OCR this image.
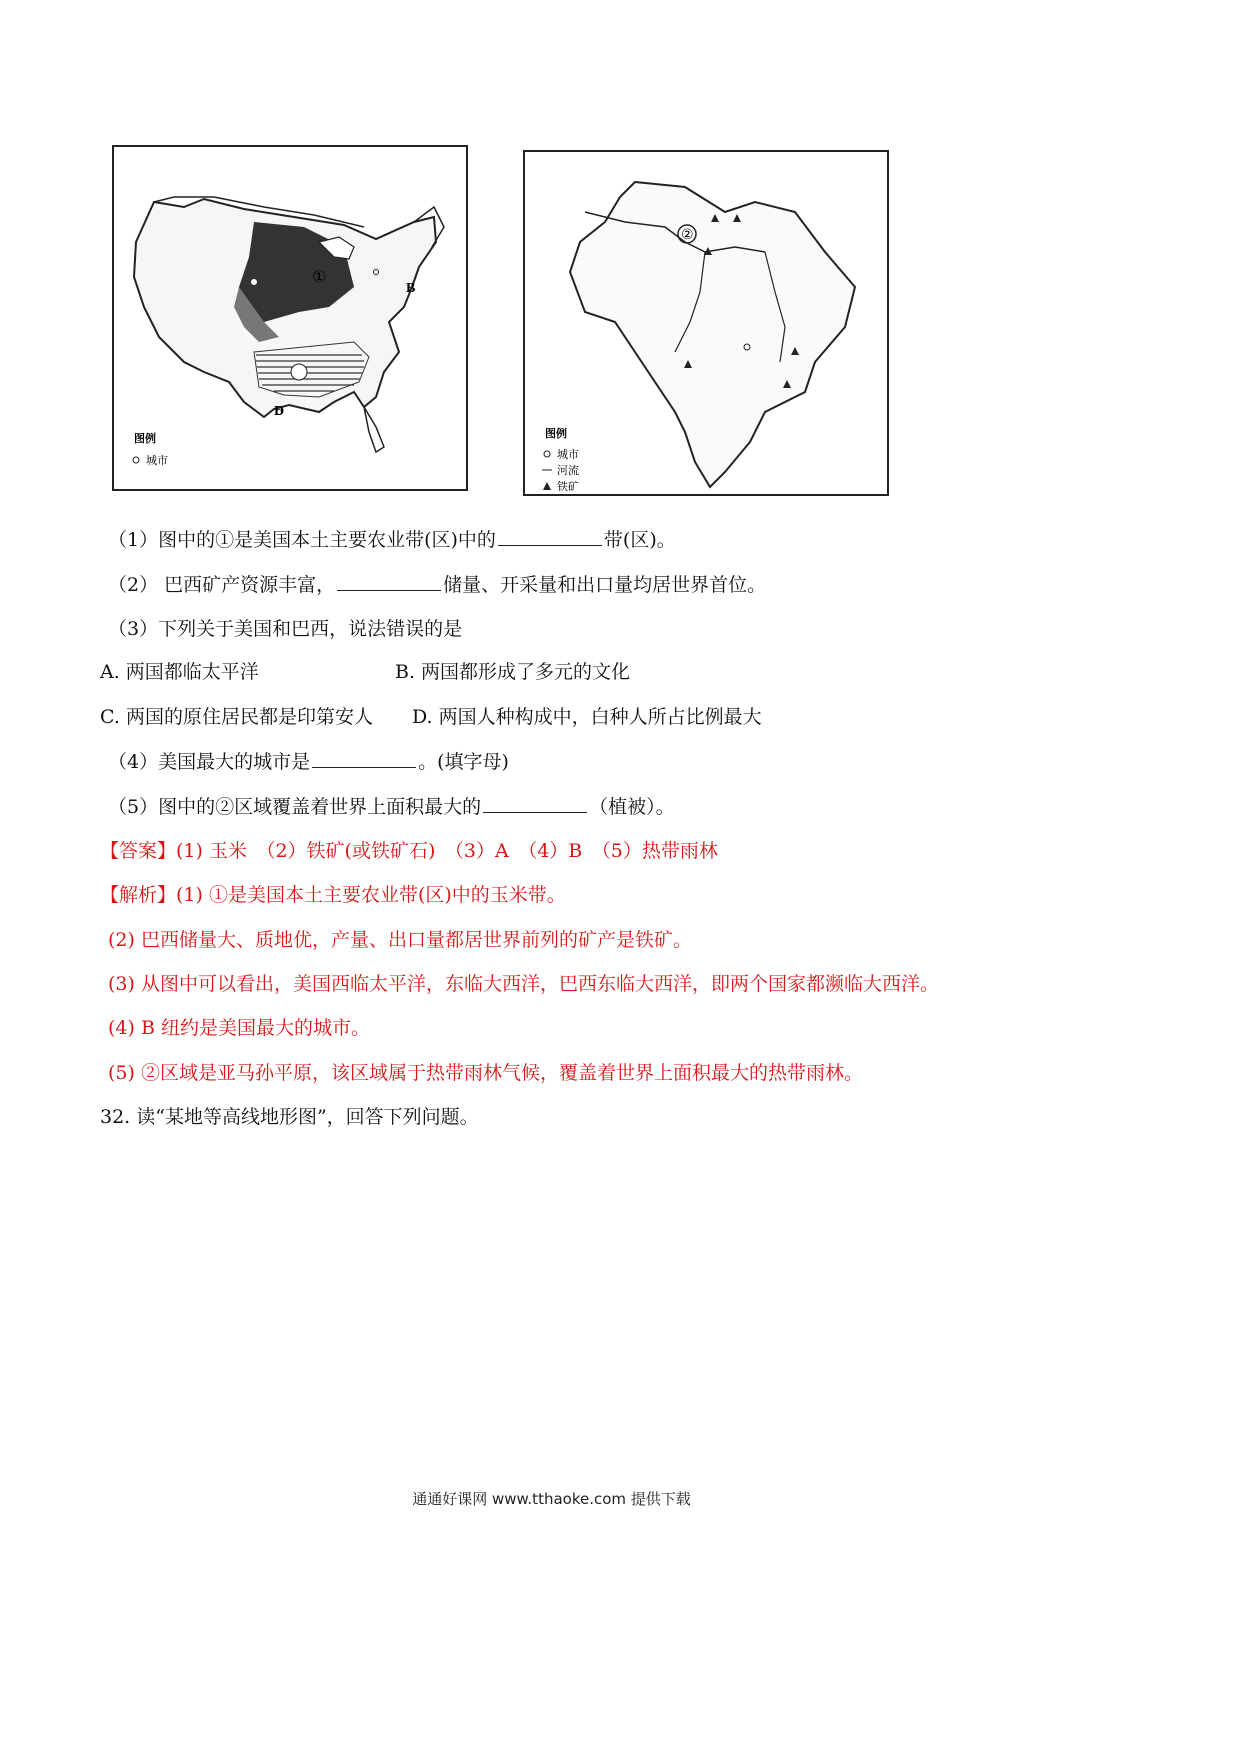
B
D
①
图例
城市
②
图例
城市
河流
铁矿
（1）图中的①是美国本土主要农业带(区)中的	带(区)。
（2） 巴西矿产资源丰富，	储量、开采量和出口量均居世界首位。
（3）下列关于美国和巴西，说法错误的是
A. 两国都临太平洋	B. 两国都形成了多元的文化
C. 两国的原住居民都是印第安人 D. 两国人种构成中，白种人所占比例最大
（4）美国最大的城市是	。(填字母)
（5）图中的②区域覆盖着世界上面积最大的	（植被）。
【答案】(1) 玉米　（2）铁矿(或铁矿石)　（3）A　（4）B　（5）热带雨林
【解析】(1) ①是美国本土主要农业带(区)中的玉米带。
(2) 巴西储量大、质地优，产量、出口量都居世界前列的矿产是铁矿。
(3) 从图中可以看出，美国西临太平洋，东临大西洋，巴西东临大西洋，即两个国家都濒临大西洋。
(4) B 纽约是美国最大的城市。
(5) ②区域是亚马孙平原，该区域属于热带雨林气候，覆盖着世界上面积最大的热带雨林。
32. 读“某地等高线地形图”，回答下列问题。
通通好课网 www.tthaoke.com 提供下载
